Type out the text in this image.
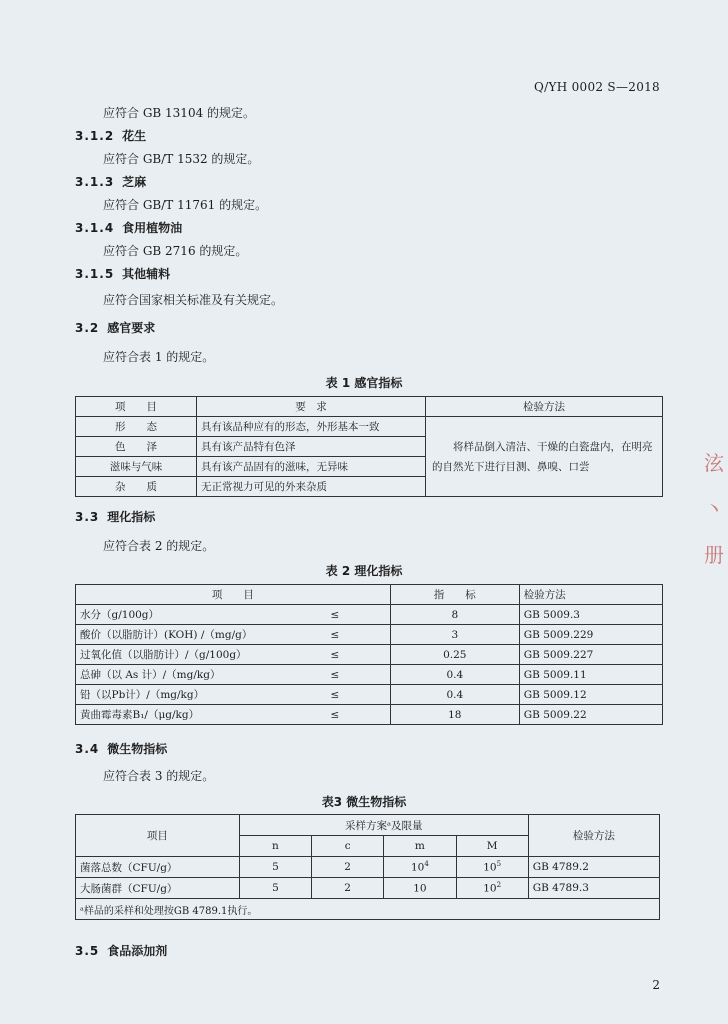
Q/YH 0002 S—2018
应符合 GB 13104 的规定。
3.1.2 花生
应符合 GB/T 1532 的规定。
3.1.3 芝麻
应符合 GB/T 11761 的规定。
3.1.4 食用植物油
应符合 GB 2716 的规定。
3.1.5 其他辅料
应符合国家相关标准及有关规定。
3.2 感官要求
应符合表 1 的规定。
表 1 感官指标
项　　目	要　求	检验方法
形　　态	具有该品种应有的形态，外形基本一致	将样品倒入清洁、干燥的白瓷盘内，在明亮的自然光下进行目测、鼻嗅、口尝
色　　泽	具有该产品特有色泽	
滋味与气味	具有该产品固有的滋味，无异味	
杂　　质	无正常视力可见的外来杂质	
3.3 理化指标
应符合表 2 的规定。
表 2 理化指标
项　　目		指　　标	检验方法
水分（g/100g）	≤	8	GB 5009.3
酸价（以脂肪计）(KOH) /（mg/g）	≤	3	GB 5009.229
过氧化值（以脂肪计）/（g/100g）	≤	0.25	GB 5009.227
总砷（以 As 计）/（mg/kg）	≤	0.4	GB 5009.11
铅（以Pb计）/（mg/kg）	≤	0.4	GB 5009.12
黄曲霉毒素B₁/（μg/kg）	≤	18	GB 5009.22
3.4 微生物指标
应符合表 3 的规定。
表3 微生物指标
项目	采样方案ᵃ及限量				检验方法
	n	c	m	M	
菌落总数（CFU/g）	5	2	$10^4$	$10^5$	GB 4789.2
大肠菌群（CFU/g）	5	2	10	$10^2$	GB 4789.3
ᵃ样品的采样和处理按GB 4789.1执行。					
3.5 食品添加剂
2
泫 丶 册
